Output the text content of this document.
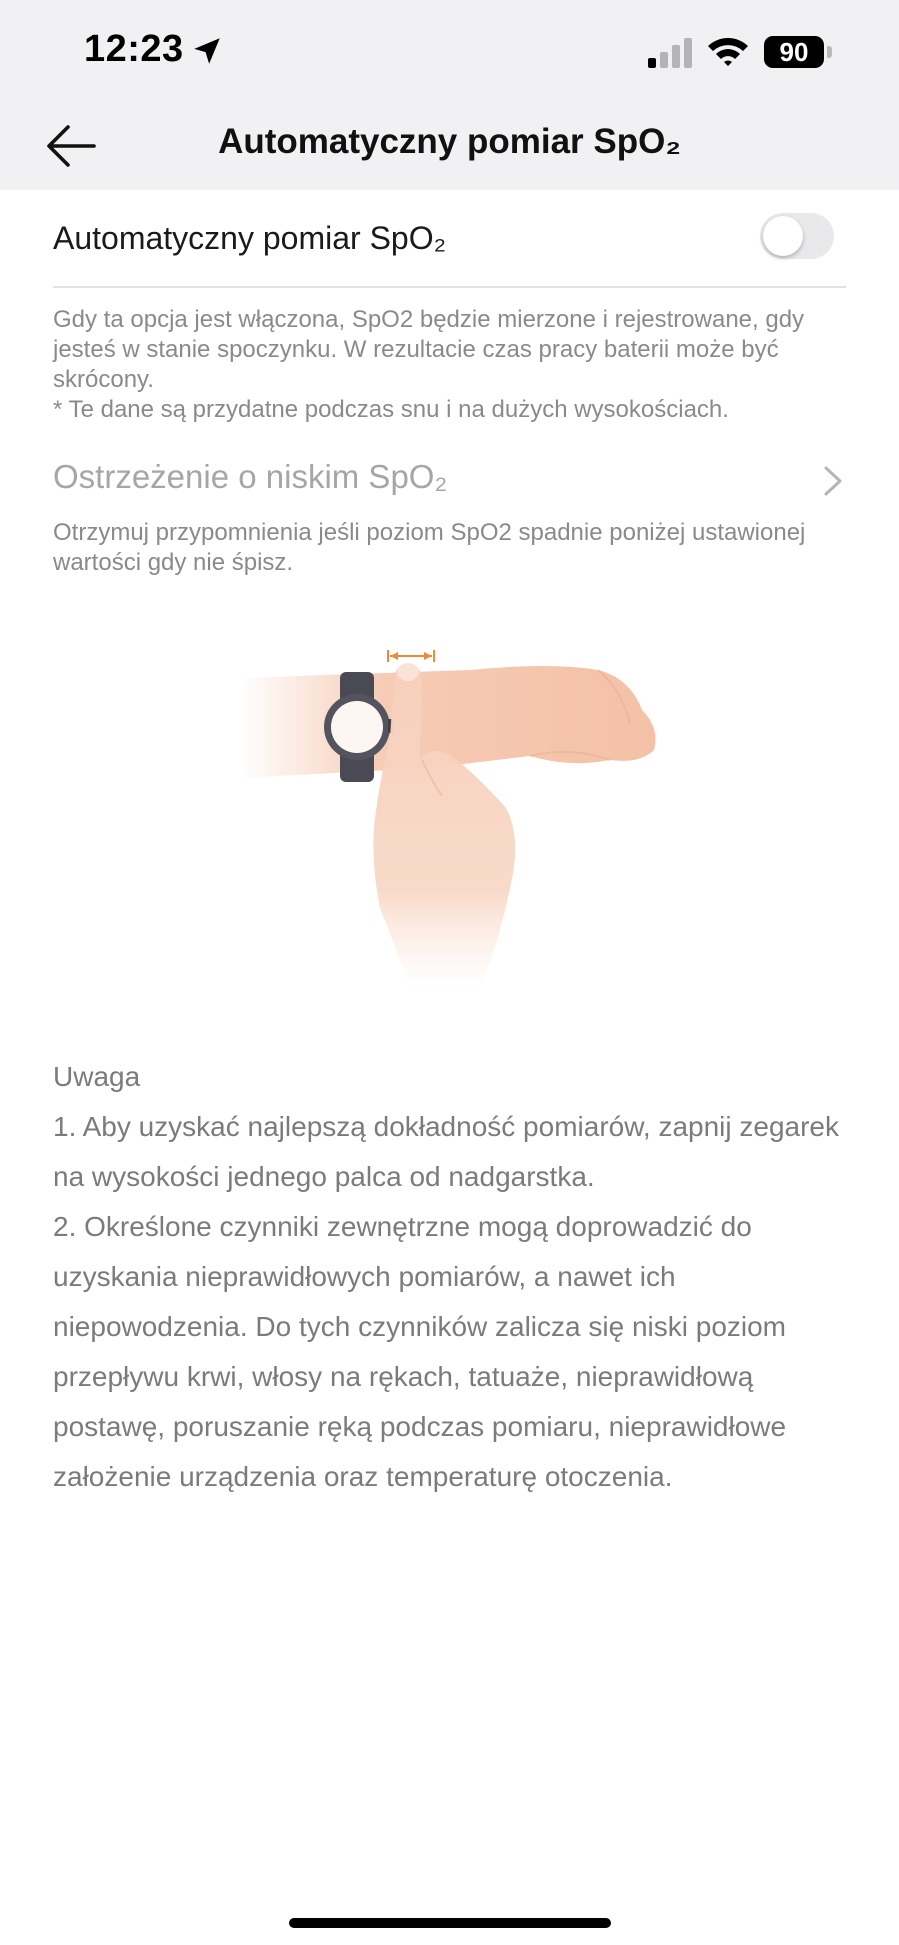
12:23	90
Automatyczny pomiar SpO₂
Automatyczny pomiar SpO₂

Gdy ta opcja jest włączona, SpO2 będzie mierzone i rejestrowane, gdy jesteś w stanie spoczynku. W rezultacie czas pracy baterii może być skrócony.

* Te dane są przydatne podczas snu i na dużych wysokościach.

Ostrzeżenie o niskim SpO₂
Otrzymuj przypomnienia jeśli poziom SpO2 spadnie poniżej ustawionej wartości gdy nie śpisz.

Uwaga

1. Aby uzyskać najlepszą dokładność pomiarów, zapnij zegarek na wysokości jednego palca od nadgarstka.

2. Określone czynniki zewnętrzne mogą doprowadzić do uzyskania nieprawidłowych pomiarów, a nawet ich niepowodzenia. Do tych czynników zalicza się niski poziom przepływu krwi, włosy na rękach, tatuaże, nieprawidłową postawę, poruszanie ręką podczas pomiaru, nieprawidłowe założenie urządzenia oraz temperaturę otoczenia.
